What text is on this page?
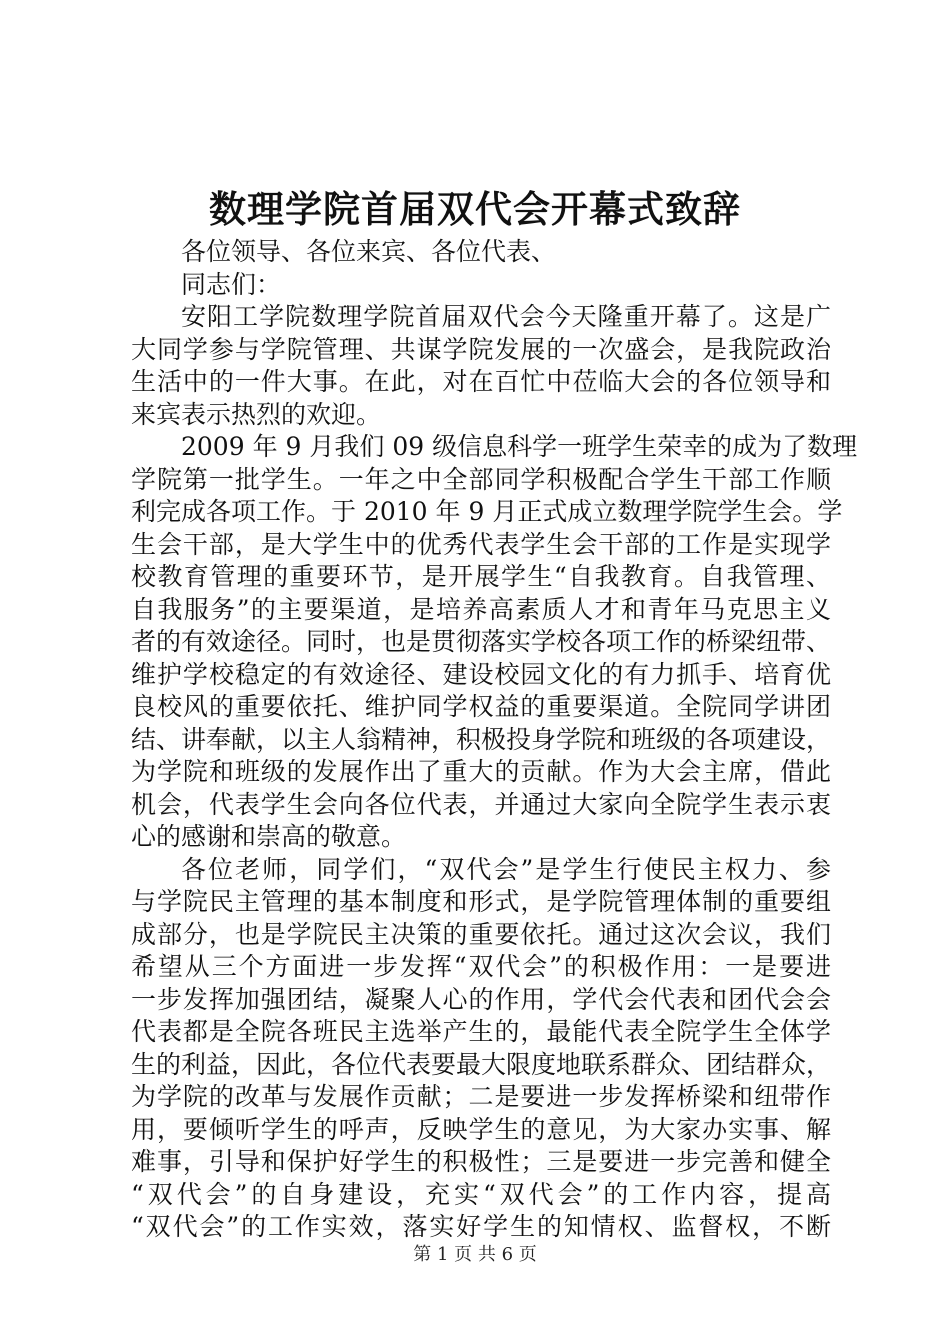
数理学院首届双代会开幕式致辞
各位领导、各位来宾、各位代表、
同志们：
安阳工学院数理学院首届双代会今天隆重开幕了。这是广
大同学参与学院管理、共谋学院发展的一次盛会，是我院政治
生活中的一件大事。在此，对在百忙中莅临大会的各位领导和
来宾表示热烈的欢迎。
2009 年 9 月我们 09 级信息科学一班学生荣幸的成为了数理
学院第一批学生。一年之中全部同学积极配合学生干部工作顺
利完成各项工作。于 2010 年 9 月正式成立数理学院学生会。学
生会干部，是大学生中的优秀代表学生会干部的工作是实现学
校教育管理的重要环节，是开展学生“自我教育。自我管理、
自我服务”的主要渠道，是培养高素质人才和青年马克思主义
者的有效途径。同时，也是贯彻落实学校各项工作的桥梁纽带、
维护学校稳定的有效途径、建设校园文化的有力抓手、培育优
良校风的重要依托、维护同学权益的重要渠道。全院同学讲团
结、讲奉献，以主人翁精神，积极投身学院和班级的各项建设，
为学院和班级的发展作出了重大的贡献。作为大会主席，借此
机会，代表学生会向各位代表，并通过大家向全院学生表示衷
心的感谢和崇高的敬意。
各位老师，同学们，“双代会”是学生行使民主权力、参
与学院民主管理的基本制度和形式，是学院管理体制的重要组
成部分，也是学院民主决策的重要依托。通过这次会议，我们
希望从三个方面进一步发挥“双代会”的积极作用：一是要进
一步发挥加强团结，凝聚人心的作用，学代会代表和团代会会
代表都是全院各班民主选举产生的，最能代表全院学生全体学
生的利益，因此，各位代表要最大限度地联系群众、团结群众，
为学院的改革与发展作贡献；二是要进一步发挥桥梁和纽带作
用，要倾听学生的呼声，反映学生的意见，为大家办实事、解
难事，引导和保护好学生的积极性；三是要进一步完善和健全
“双代会”的自身建设，充实“双代会”的工作内容，提高
“双代会”的工作实效，落实好学生的知情权、监督权，不断
第 1 页 共 6 页
